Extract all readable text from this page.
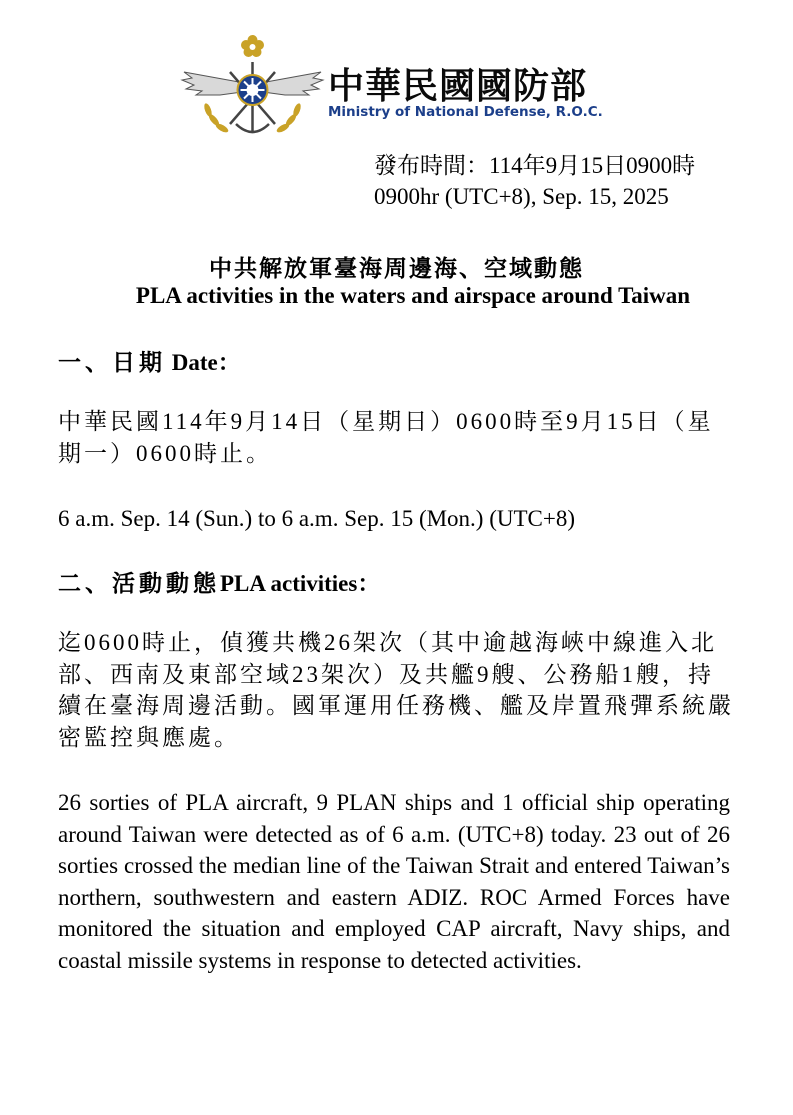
中華民國國防部
Ministry of National Defense, R.O.C.
發布時間：114年9月15日0900時
0900hr (UTC+8), Sep. 15, 2025
中共解放軍臺海周邊海、空域動態
PLA activities in the waters and airspace around Taiwan
一、日期 Date：
中華民國114年9月14日（星期日）0600時至9月15日（星期一）0600時止。
6 a.m. Sep. 14 (Sun.) to 6 a.m. Sep. 15 (Mon.) (UTC+8)
二、活動動態PLA activities：
迄0600時止，偵獲共機26架次（其中逾越海峽中線進入北部、西南及東部空域23架次）及共艦9艘、公務船1艘，持續在臺海周邊活動。國軍運用任務機、艦及岸置飛彈系統嚴密監控與應處。
26 sorties of PLA aircraft, 9 PLAN ships and 1 official ship operating around Taiwan were detected as of 6 a.m. (UTC+8) today. 23 out of 26 sorties crossed the median line of the Taiwan Strait and entered Taiwan’s northern, southwestern and eastern ADIZ. ROC Armed Forces have monitored the situation and employed CAP aircraft, Navy ships, and coastal missile systems in response to detected activities.
